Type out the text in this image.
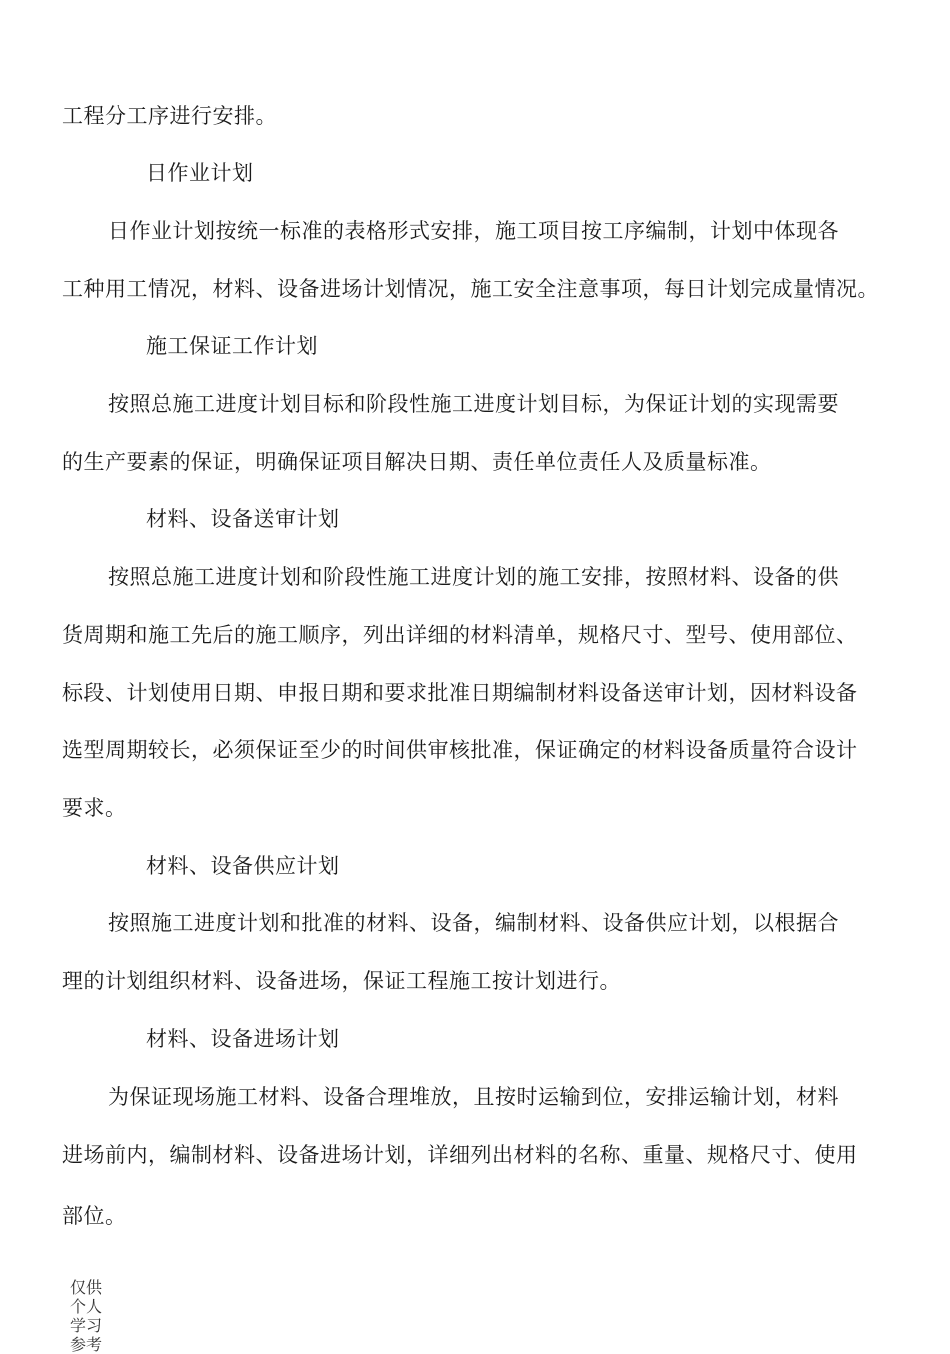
工程分工序进行安排。
日作业计划
日作业计划按统一标准的表格形式安排，施工项目按工序编制，计划中体现各
工种用工情况，材料、设备进场计划情况，施工安全注意事项，每日计划完成量情况。
施工保证工作计划
按照总施工进度计划目标和阶段性施工进度计划目标，为保证计划的实现需要
的生产要素的保证，明确保证项目解决日期、责任单位责任人及质量标准。
材料、设备送审计划
按照总施工进度计划和阶段性施工进度计划的施工安排，按照材料、设备的供
货周期和施工先后的施工顺序，列出详细的材料清单，规格尺寸、型号、使用部位、
标段、计划使用日期、申报日期和要求批准日期编制材料设备送审计划，因材料设备
选型周期较长，必须保证至少的时间供审核批准，保证确定的材料设备质量符合设计
要求。
材料、设备供应计划
按照施工进度计划和批准的材料、设备，编制材料、设备供应计划，以根据合
理的计划组织材料、设备进场，保证工程施工按计划进行。
材料、设备进场计划
为保证现场施工材料、设备合理堆放，且按时运输到位，安排运输计划，材料
进场前内，编制材料、设备进场计划，详细列出材料的名称、重量、规格尺寸、使用
部位。
仅供个人学习参考
